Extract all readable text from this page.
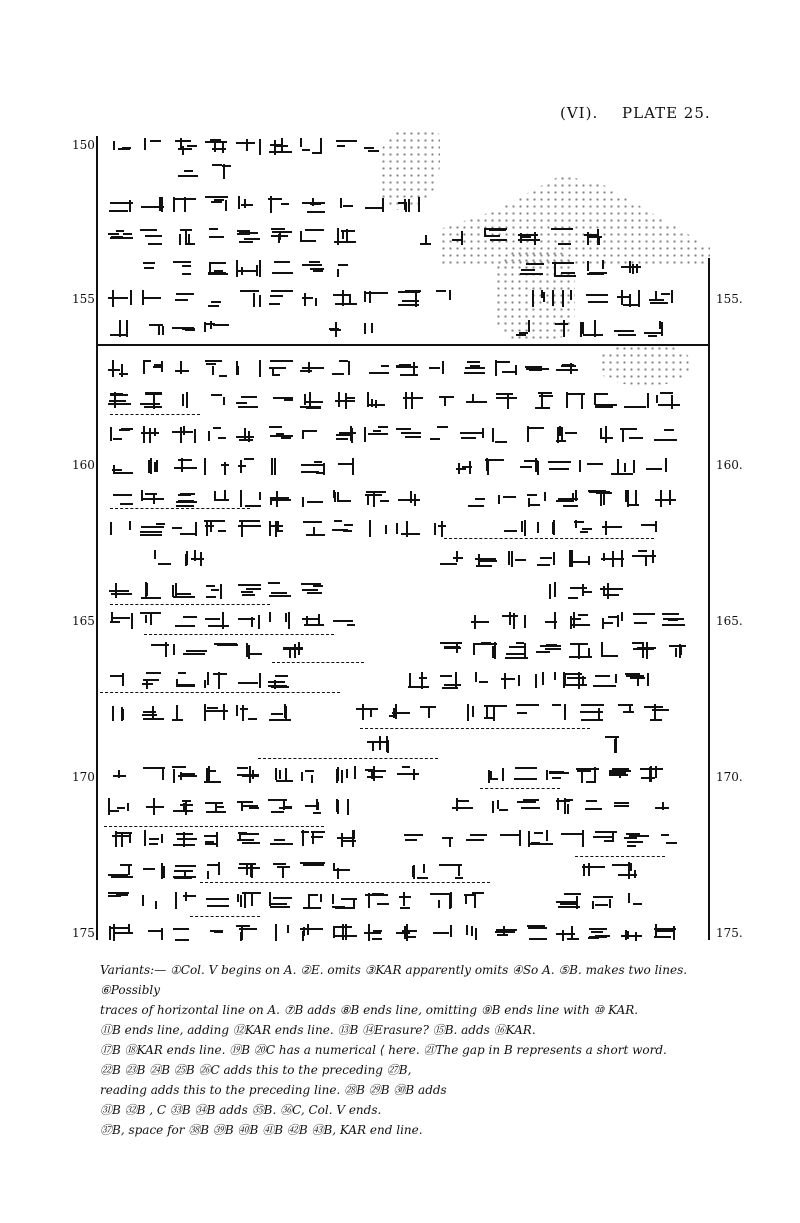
(VI). PLATE 25.
150
155
160
165
170
175
155.
160.
165.
170.
175.

Variants:— ①Col. V begins on A. ②E. omits ③KAR apparently omits ④So A. ⑤B. makes two lines. ⑥Possibly

traces of horizontal line on A. ⑦B adds ⑧B ends line, omitting ⑨B ends line with ⑩ KAR.

⑪B ends line, adding ⑫KAR ends line. ⑬B ⑭Erasure? ⑮B. adds ⑯KAR.

⑰B ⑱KAR ends line. ⑲B ⑳C has a numerical ⟨ here. ㉑The gap in B represents a short word.

㉒B ㉓B ㉔B ㉕B ㉖C adds this to the preceding ㉗B,

reading adds this to the preceding line. ㉘B ㉙B ㉚B adds

㉛B ㉜B , C ㉝B ㉞B adds ㉟B. ㊱C, Col. V ends.

㊲B, space for ㊳B ㊴B ㊵B ㊶B ㊷B ㊸B, KAR end line.
